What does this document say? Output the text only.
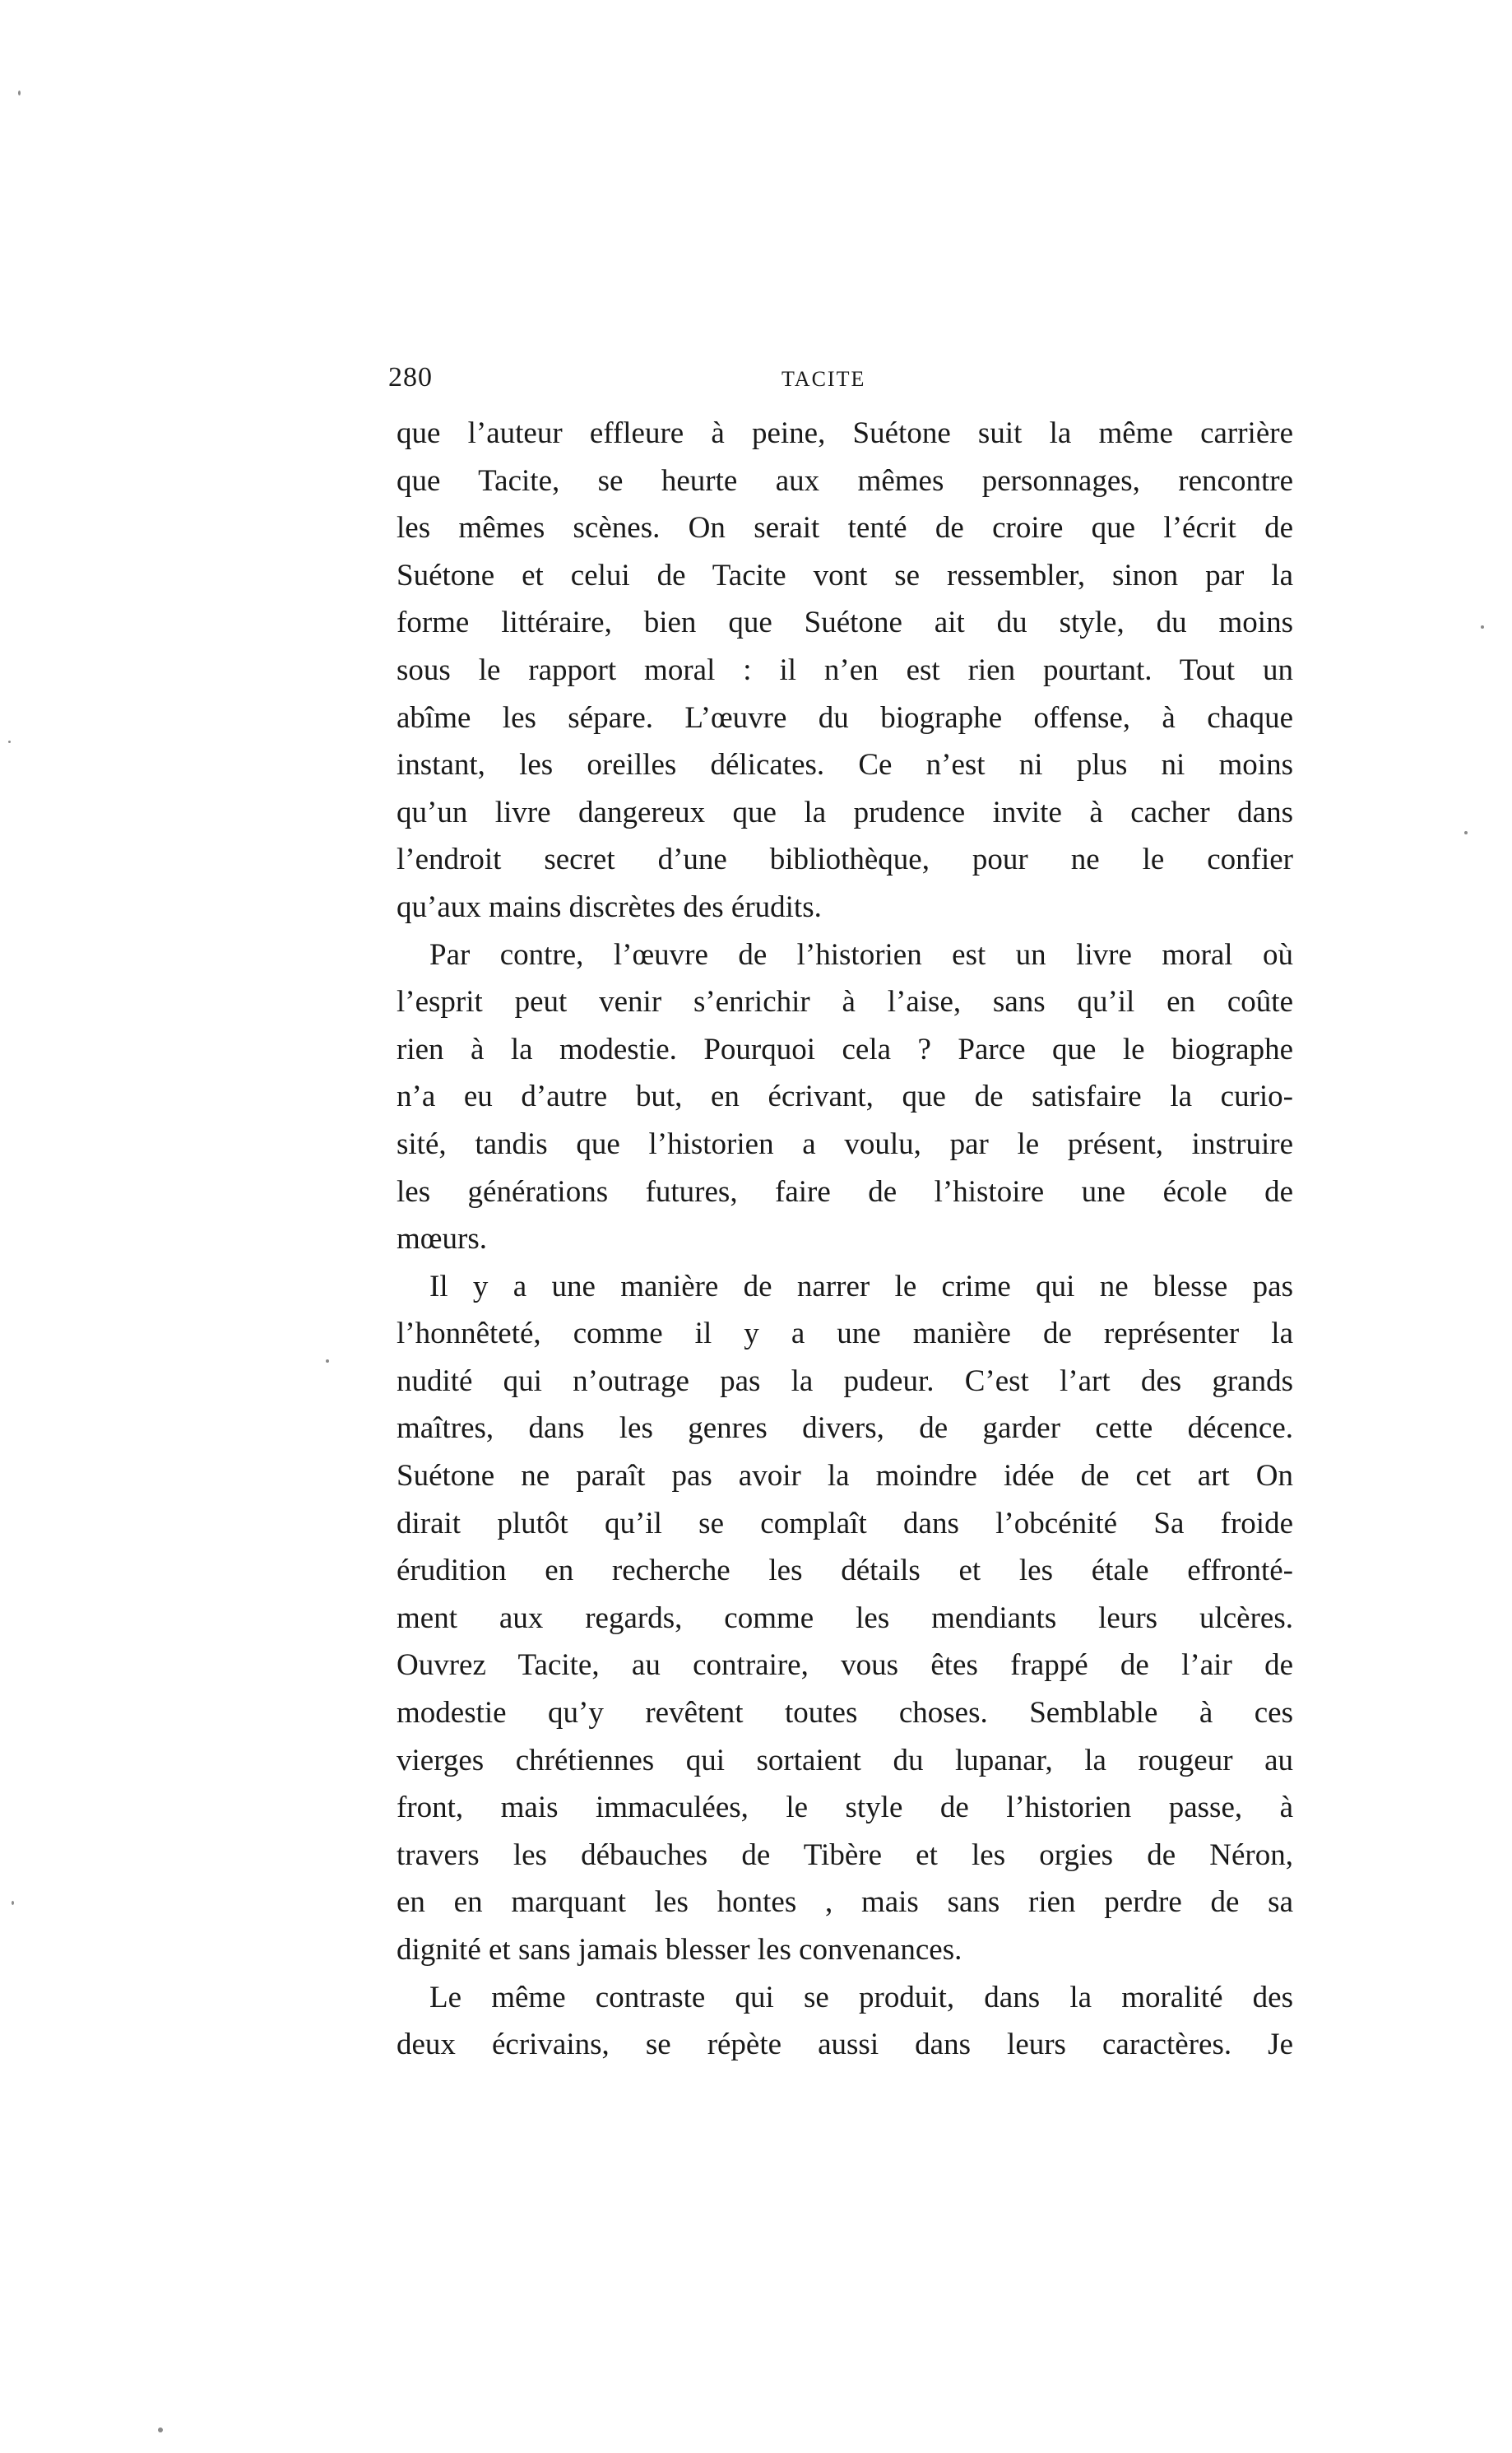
280	TACITE
que l’auteur effleure à peine, Suétone suit la même carrière
que Tacite, se heurte aux mêmes personnages, rencontre
les mêmes scènes. On serait tenté de croire que l’écrit de
Suétone et celui de Tacite vont se ressembler, sinon par la
forme littéraire, bien que Suétone ait du style, du moins
sous le rapport moral : il n’en est rien pourtant. Tout un
abîme les sépare. L’œuvre du biographe offense, à chaque
instant, les oreilles délicates. Ce n’est ni plus ni moins
qu’un livre dangereux que la prudence invite à cacher dans
l’endroit secret d’une bibliothèque, pour ne le confier
qu’aux mains discrètes des érudits.
Par contre, l’œuvre de l’historien est un livre moral où
l’esprit peut venir s’enrichir à l’aise, sans qu’il en coûte
rien à la modestie. Pourquoi cela ? Parce que le biographe
n’a eu d’autre but, en écrivant, que de satisfaire la curio-
sité, tandis que l’historien a voulu, par le présent, instruire
les générations futures, faire de l’histoire une école de
mœurs.
Il y a une manière de narrer le crime qui ne blesse pas
l’honnêteté, comme il y a une manière de représenter la
nudité qui n’outrage pas la pudeur. C’est l’art des grands
maîtres, dans les genres divers, de garder cette décence.
Suétone ne paraît pas avoir la moindre idée de cet art On
dirait plutôt qu’il se complaît dans l’obcénité Sa froide
érudition en recherche les détails et les étale effronté-
ment aux regards, comme les mendiants leurs ulcères.
Ouvrez Tacite, au contraire, vous êtes frappé de l’air de
modestie qu’y revêtent toutes choses. Semblable à ces
vierges chrétiennes qui sortaient du lupanar, la rougeur au
front, mais immaculées, le style de l’historien passe, à
travers les débauches de Tibère et les orgies de Néron,
en en marquant les hontes , mais sans rien perdre de sa
dignité et sans jamais blesser les convenances.
Le même contraste qui se produit, dans la moralité des
deux écrivains, se répète aussi dans leurs caractères. Je
